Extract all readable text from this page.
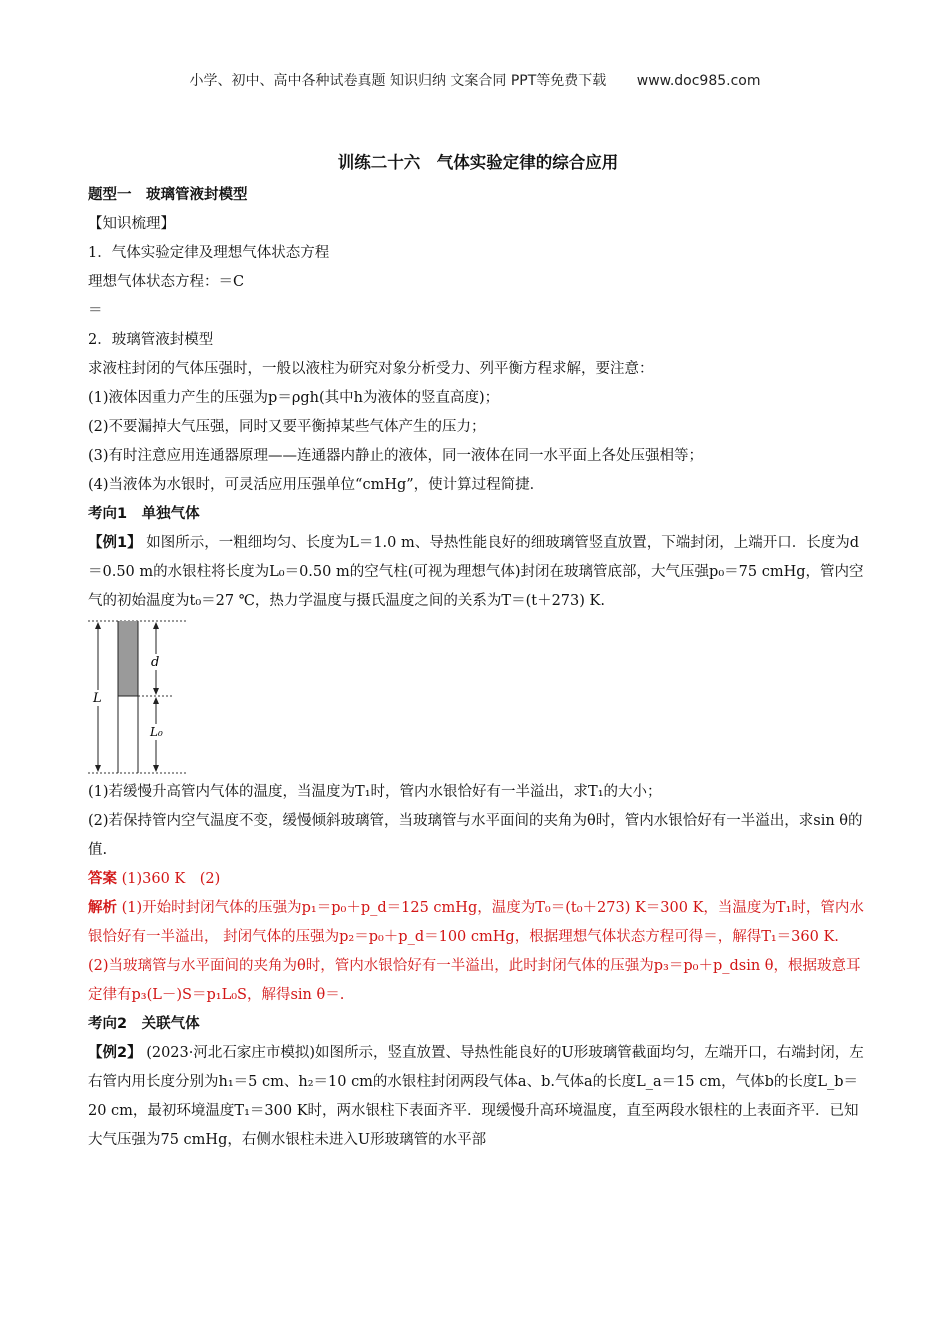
小学、初中、高中各种试卷真题 知识归纳 文案合同 PPT等免费下载 www.doc985.com

训练二十六　气体实验定律的综合应用

题型一　玻璃管液封模型

【知识梳理】

1．气体实验定律及理想气体状态方程

理想气体状态方程：＝C

＝

2．玻璃管液封模型

求液柱封闭的气体压强时，一般以液柱为研究对象分析受力、列平衡方程求解，要注意：

(1)液体因重力产生的压强为p＝ρgh(其中h为液体的竖直高度)；

(2)不要漏掉大气压强，同时又要平衡掉某些气体产生的压力；

(3)有时注意应用连通器原理——连通器内静止的液体，同一液体在同一水平面上各处压强相等；

(4)当液体为水银时，可灵活应用压强单位“cmHg”，使计算过程简捷．

考向1　单独气体

【例1】 如图所示，一粗细均匀、长度为L＝1.0 m、导热性能良好的细玻璃管竖直放置，下端封闭，上端开口．长度为d＝0.50 m的水银柱将长度为L₀＝0.50 m的空气柱(可视为理想气体)封闭在玻璃管底部，大气压强p₀＝75 cmHg，管内空气的初始温度为t₀＝27 ℃，热力学温度与摄氏温度之间的关系为T＝(t＋273) K.

L
d
L₀

(1)若缓慢升高管内气体的温度，当温度为T₁时，管内水银恰好有一半溢出，求T₁的大小；

(2)若保持管内空气温度不变，缓慢倾斜玻璃管，当玻璃管与水平面间的夹角为θ时，管内水银恰好有一半溢出，求sin θ的值.

答案 (1)360 K　(2)

解析 (1)开始时封闭气体的压强为p₁＝p₀＋p_d＝125 cmHg，温度为T₀＝(t₀＋273) K＝300 K，当温度为T₁时，管内水银恰好有一半溢出， 封闭气体的压强为p₂＝p₀＋p_d＝100 cmHg，根据理想气体状态方程可得＝，解得T₁＝360 K.

(2)当玻璃管与水平面间的夹角为θ时，管内水银恰好有一半溢出，此时封闭气体的压强为p₃＝p₀＋p_dsin θ，根据玻意耳定律有p₃(L－)S＝p₁L₀S，解得sin θ＝.

考向2　关联气体

【例2】 (2023·河北石家庄市模拟)如图所示，竖直放置、导热性能良好的U形玻璃管截面均匀，左端开口，右端封闭，左右管内用长度分别为h₁＝5 cm、h₂＝10 cm的水银柱封闭两段气体a、b.气体a的长度L_a＝15 cm，气体b的长度L_b＝20 cm，最初环境温度T₁＝300 K时，两水银柱下表面齐平．现缓慢升高环境温度，直至两段水银柱的上表面齐平．已知大气压强为75 cmHg，右侧水银柱未进入U形玻璃管的水平部
